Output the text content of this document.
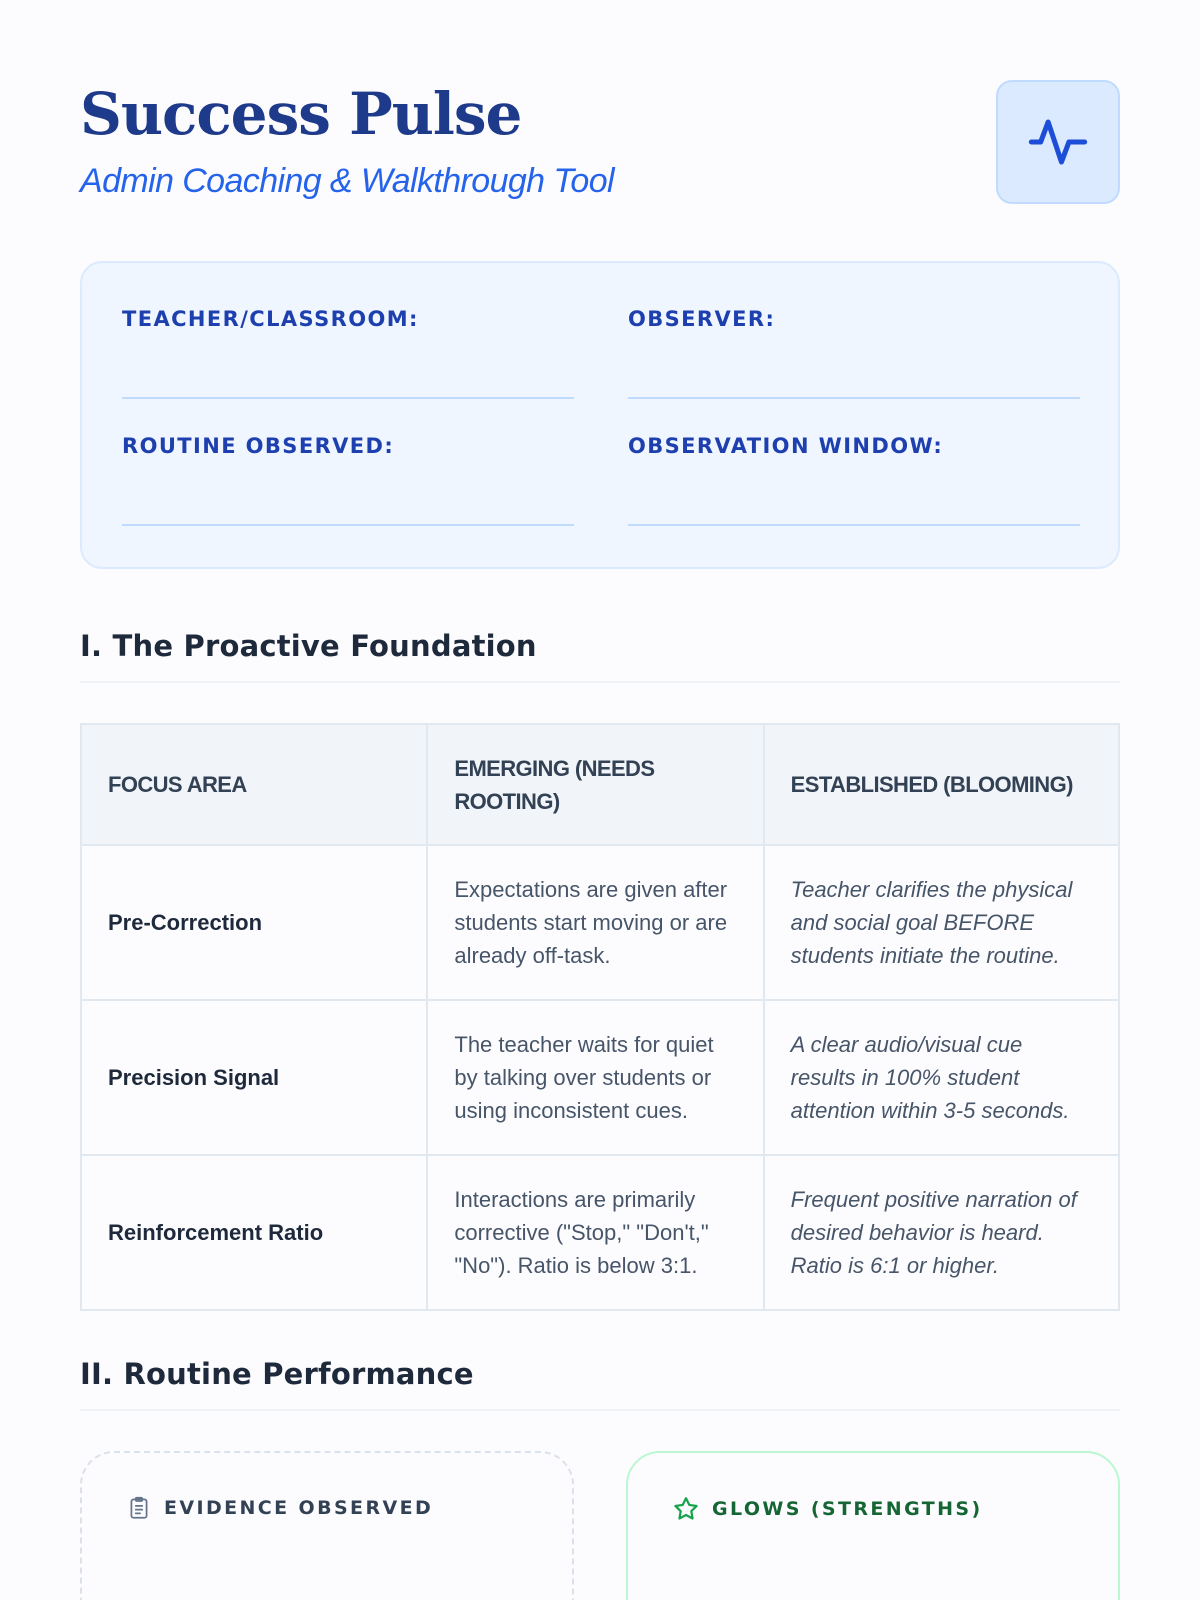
Success Pulse
Admin Coaching & Walkthrough Tool
TEACHER/CLASSROOM:	OBSERVER:
ROUTINE OBSERVED:	OBSERVATION WINDOW:
I. The Proactive Foundation
FOCUS AREA	EMERGING (NEEDS ROOTING)	ESTABLISHED (BLOOMING)
Pre-Correction	Expectations are given after students start moving or are already off-task.	Teacher clarifies the physical and social goal BEFORE students initiate the routine.
Precision Signal	The teacher waits for quiet by talking over students or using inconsistent cues.	A clear audio/visual cue results in 100% student attention within 3-5 seconds.
Reinforcement Ratio	Interactions are primarily corrective ("Stop," "Don't," "No"). Ratio is below 3:1.	Frequent positive narration of desired behavior is heard. Ratio is 6:1 or higher.
II. Routine Performance
EVIDENCE OBSERVED	GLOWS (STRENGTHS)
